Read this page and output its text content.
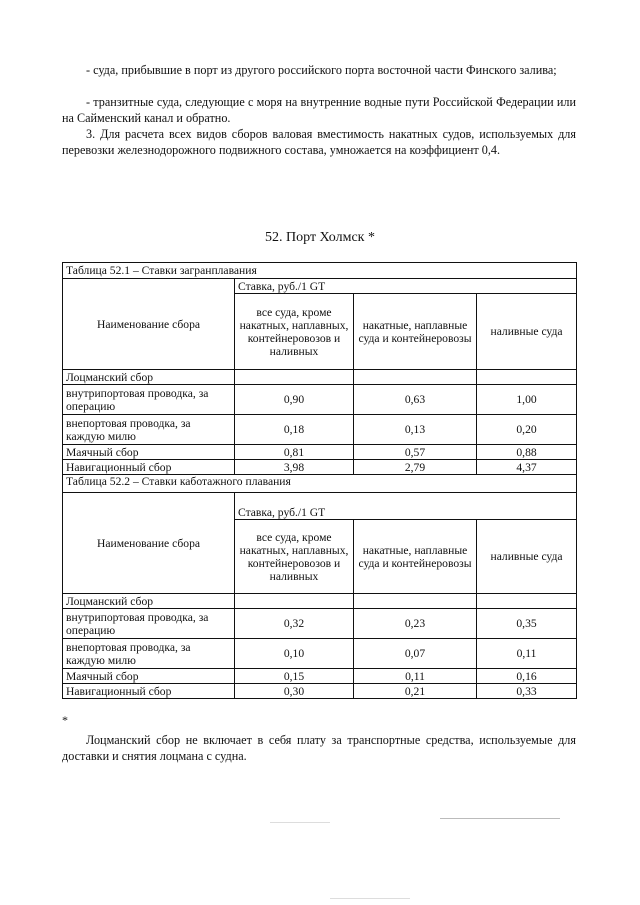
- суда, прибывшие в порт из другого российского порта восточной части Финского залива;
- транзитные суда, следующие с моря на внутренние водные пути Российской Федерации или на Сайменский канал и обратно.
3. Для расчета всех видов сборов валовая вместимость накатных судов, используемых для перевозки железнодорожного подвижного состава, умножается на коэффициент 0,4.
52. Порт Холмск *
Таблица 52.1 – Ставки загранплавания			
Наименование сбора	Ставка, руб./1 GT		
	все суда, кроме накатных, наплавных, контейнеровозов и наливных	накатные, наплавные суда и контейнеровозы	наливные суда
Лоцманский сбор			
внутрипортовая проводка, за операцию	0,90	0,63	1,00
внепортовая проводка, за каждую милю	0,18	0,13	0,20
Маячный сбор	0,81	0,57	0,88
Навигационный сбор	3,98	2,79	4,37
Таблица 52.2 – Ставки каботажного плавания			
Наименование сбора	Ставка, руб./1 GT		
	все суда, кроме накатных, наплавных, контейнеровозов и наливных	накатные, наплавные суда и контейнеровозы	наливные суда
Лоцманский сбор			
внутрипортовая проводка, за операцию	0,32	0,23	0,35
внепортовая проводка, за каждую милю	0,10	0,07	0,11
Маячный сбор	0,15	0,11	0,16
Навигационный сбор	0,30	0,21	0,33
*
Лоцманский сбор не включает в себя плату за транспортные средства, используемые для доставки и снятия лоцмана с судна.
